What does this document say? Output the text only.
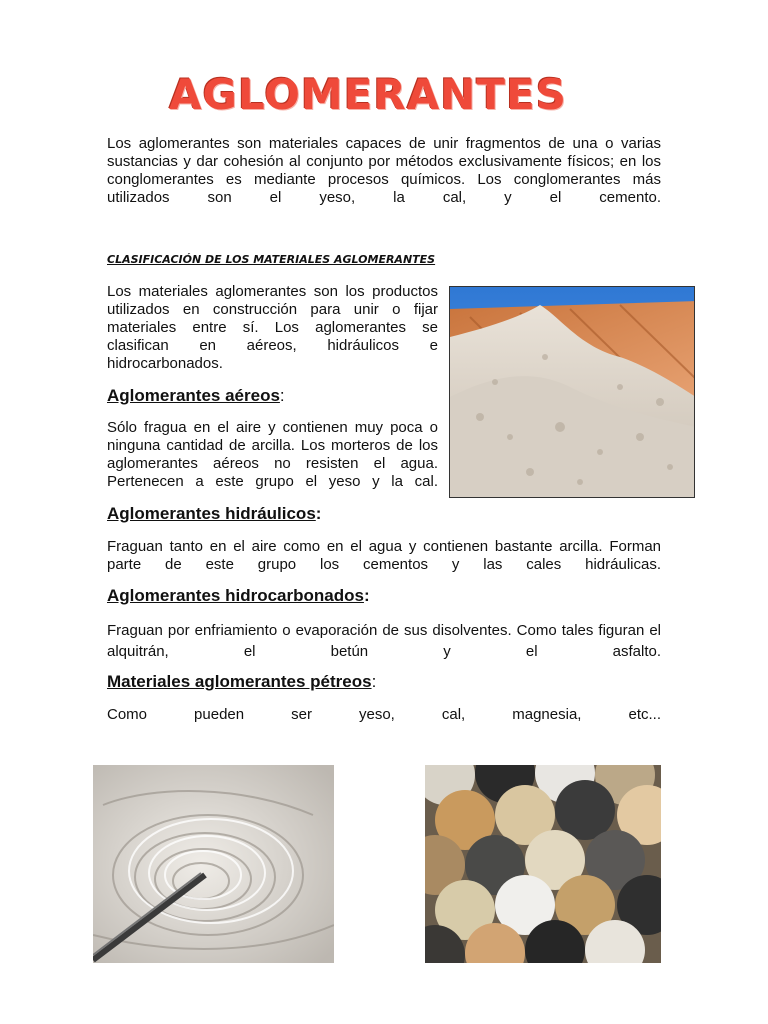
AGLOMERANTES
Los aglomerantes son materiales capaces de unir fragmentos de una o varias sustancias y dar cohesión al conjunto por métodos exclusivamente físicos; en los conglomerantes es mediante procesos químicos. Los conglomerantes más utilizados son el yeso, la cal, y el cemento.
CLASIFICACIÓN DE LOS MATERIALES AGLOMERANTES
Los materiales aglomerantes son los productos utilizados en construcción para unir o fijar materiales entre sí. Los aglomerantes se clasifican en aéreos, hidráulicos e hidrocarbonados.
Aglomerantes aéreos:
Sólo fragua en el aire y contienen muy poca o ninguna cantidad de arcilla. Los morteros de los aglomerantes aéreos no resisten el agua. Pertenecen a este grupo el yeso y la cal.
Aglomerantes hidráulicos:
Fraguan tanto en el aire como en el agua y contienen bastante arcilla. Forman parte de este grupo los cementos y las cales hidráulicas.
Aglomerantes hidrocarbonados:
Fraguan por enfriamiento o evaporación de sus disolventes. Como tales figuran el alquitrán, el betún y el asfalto.
Materiales aglomerantes pétreos:
Como pueden ser yeso, cal, magnesia, etc...
